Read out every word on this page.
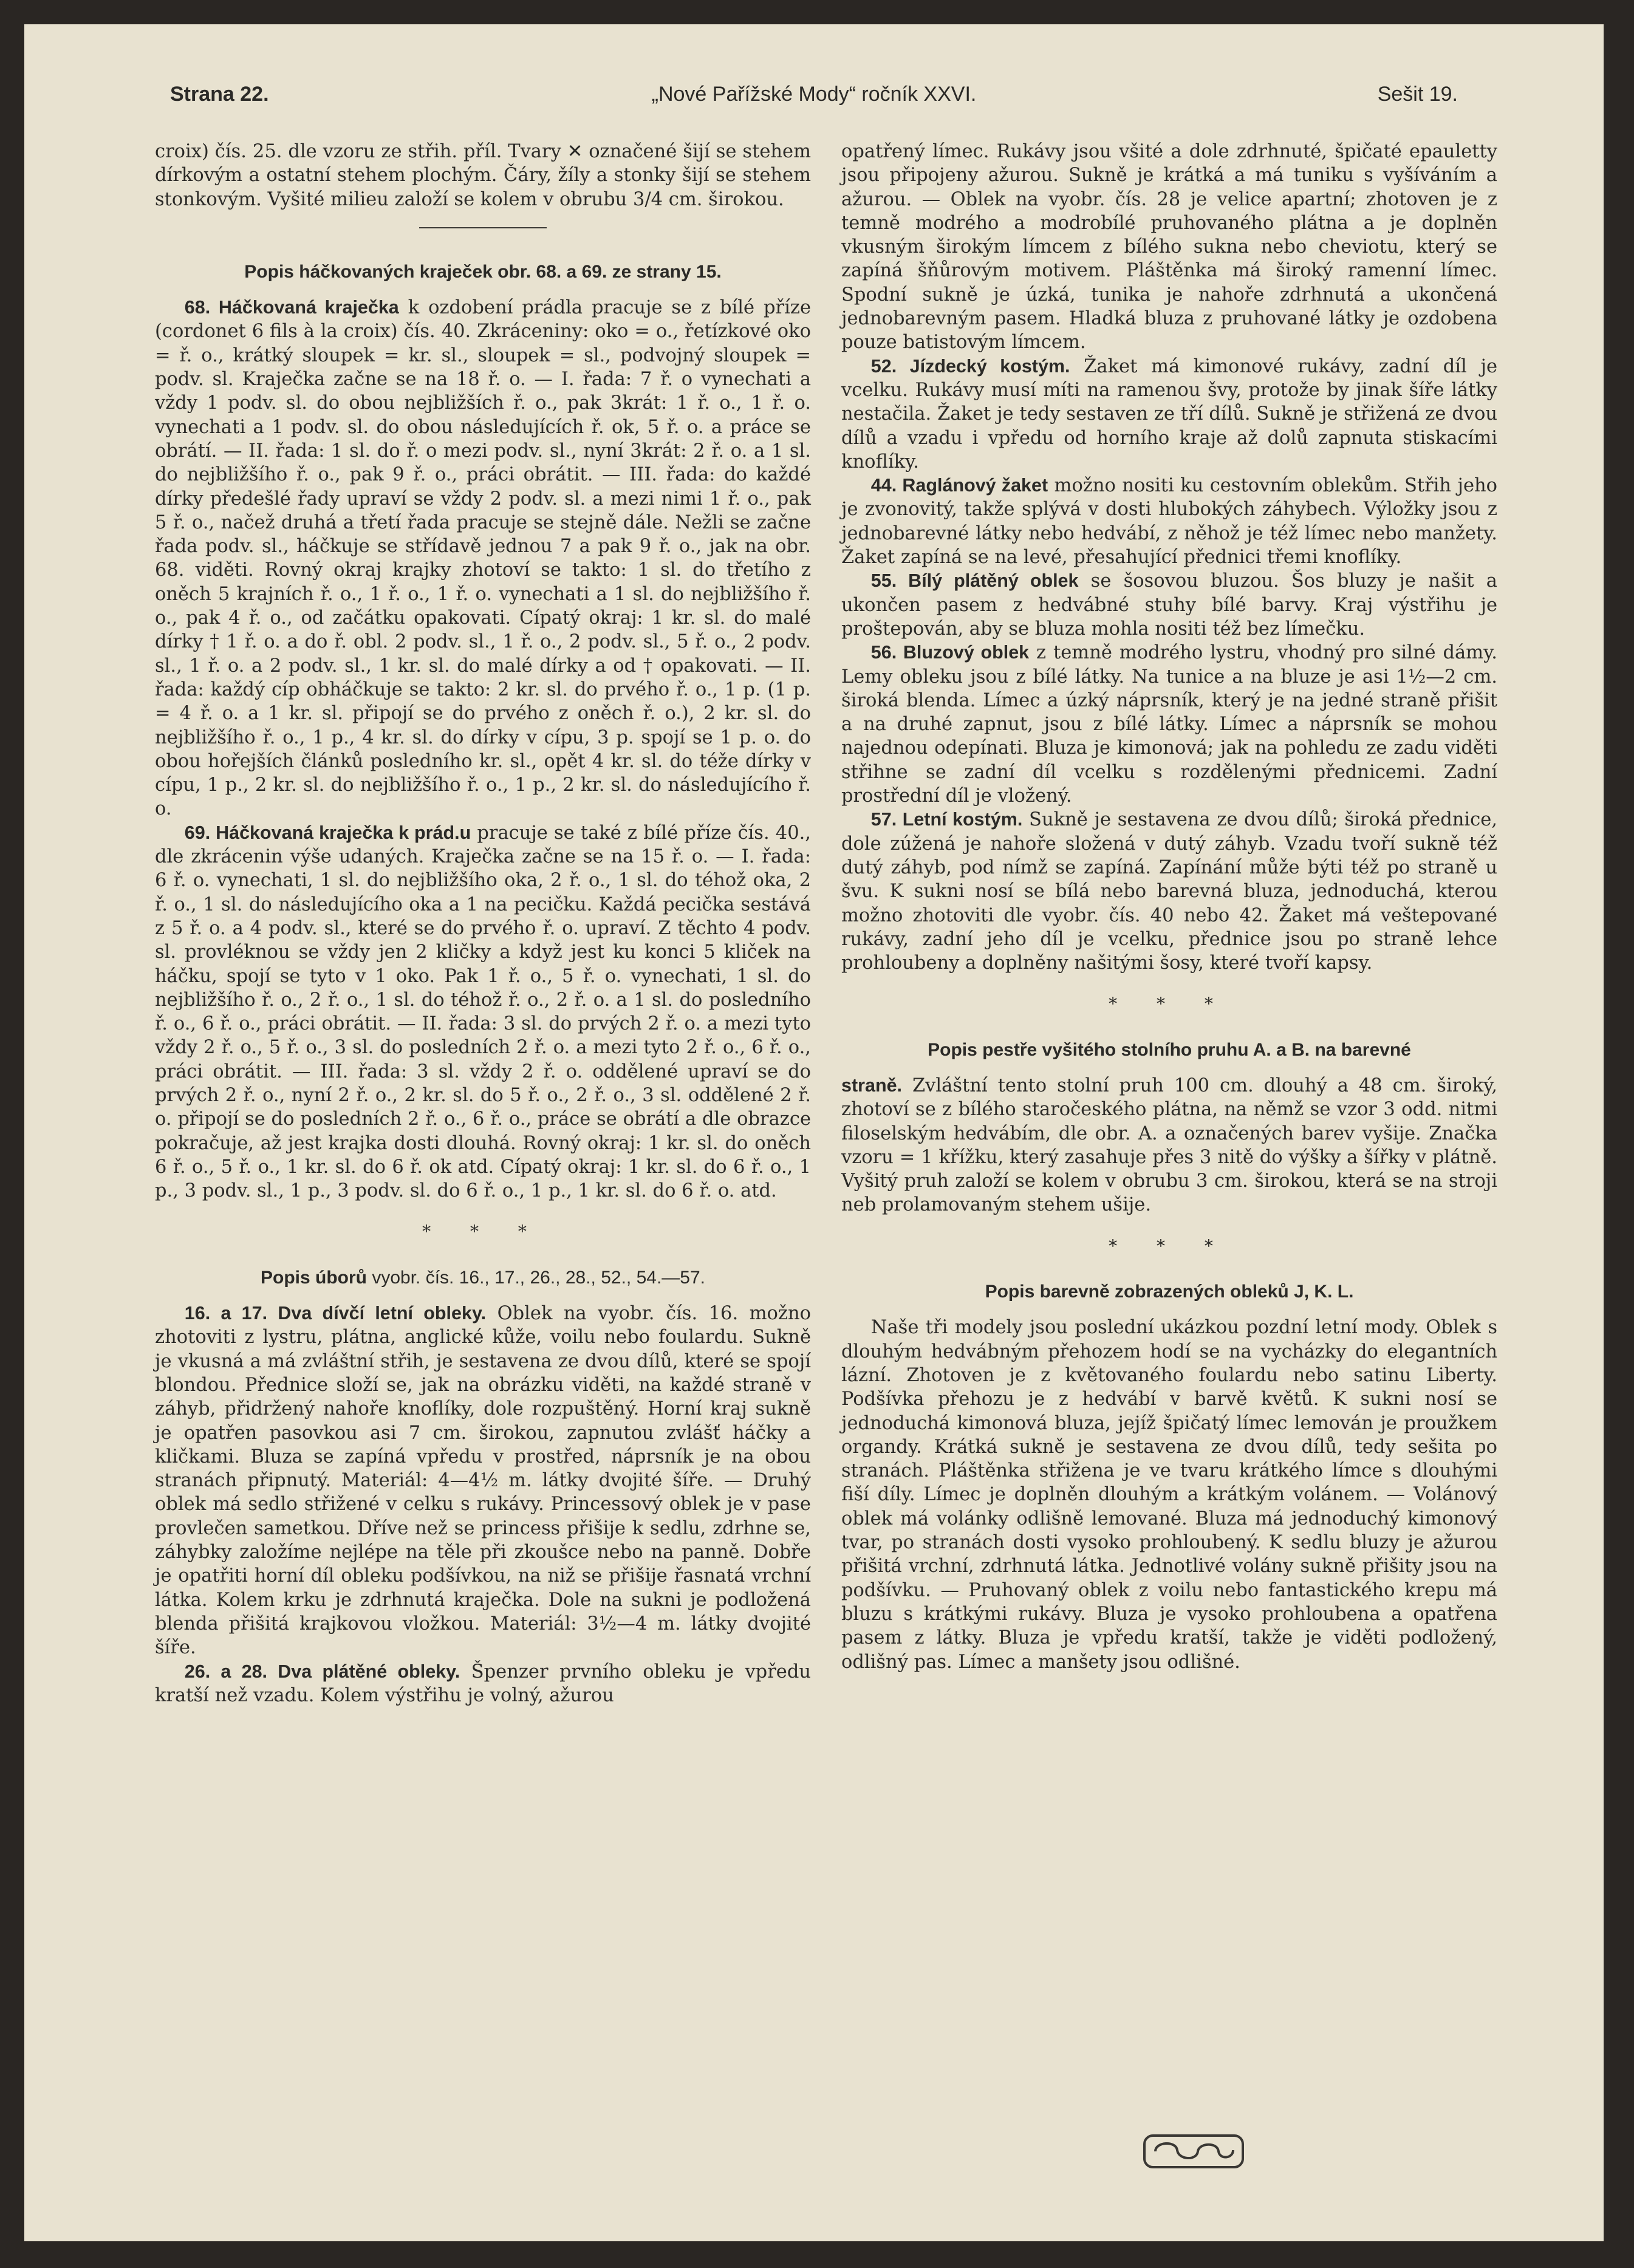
Strana 22.	„Nové Pařížské Mody“ ročník XXVI.	Sešit 19.

croix) čís. 25. dle vzoru ze střih. příl. Tvary ✕ označené šijí se stehem dírkovým a ostatní stehem plochým. Čáry, žíly a stonky šijí se stehem stonkovým. Vyšité milieu založí se kolem v obrubu 3/4 cm. širokou.

Popis háčkovaných kraječek obr. 68. a 69. ze strany 15.

68. Háčkovaná kraječka k ozdobení prádla pracuje se z bílé příze (cordonet 6 fils à la croix) čís. 40. Zkráceniny: oko = o., řetízkové oko = ř. o., krátký sloupek = kr. sl., sloupek = sl., podvojný sloupek = podv. sl. Kraječka začne se na 18 ř. o. — I. řada: 7 ř. o vynechati a vždy 1 podv. sl. do obou nejbližších ř. o., pak 3krát: 1 ř. o., 1 ř. o. vynechati a 1 podv. sl. do obou následujících ř. ok, 5 ř. o. a práce se obrátí. — II. řada: 1 sl. do ř. o mezi podv. sl., nyní 3krát: 2 ř. o. a 1 sl. do nejbližšího ř. o., pak 9 ř. o., práci obrátit. — III. řada: do každé dírky předešlé řady upraví se vždy 2 podv. sl. a mezi nimi 1 ř. o., pak 5 ř. o., načež druhá a třetí řada pracuje se stejně dále. Nežli se začne řada podv. sl., háčkuje se střídavě jednou 7 a pak 9 ř. o., jak na obr. 68. viděti. Rovný okraj krajky zhotoví se takto: 1 sl. do třetího z oněch 5 krajních ř. o., 1 ř. o., 1 ř. o. vynechati a 1 sl. do nejbližšího ř. o., pak 4 ř. o., od začátku opakovati. Cípatý okraj: 1 kr. sl. do malé dírky † 1 ř. o. a do ř. obl. 2 podv. sl., 1 ř. o., 2 podv. sl., 5 ř. o., 2 podv. sl., 1 ř. o. a 2 podv. sl., 1 kr. sl. do malé dírky a od † opakovati. — II. řada: každý cíp obháčkuje se takto: 2 kr. sl. do prvého ř. o., 1 p. (1 p. = 4 ř. o. a 1 kr. sl. připojí se do prvého z oněch ř. o.), 2 kr. sl. do nejbližšího ř. o., 1 p., 4 kr. sl. do dírky v cípu, 3 p. spojí se 1 p. o. do obou hořejších článků posledního kr. sl., opět 4 kr. sl. do téže dírky v cípu, 1 p., 2 kr. sl. do nejbližšího ř. o., 1 p., 2 kr. sl. do následujícího ř. o.

69. Háčkovaná kraječka k prád.u pracuje se také z bílé příze čís. 40., dle zkrácenin výše udaných. Kraječka začne se na 15 ř. o. — I. řada: 6 ř. o. vynechati, 1 sl. do nejbližšího oka, 2 ř. o., 1 sl. do téhož oka, 2 ř. o., 1 sl. do následujícího oka a 1 na pecičku. Každá pecička sestává z 5 ř. o. a 4 podv. sl., které se do prvého ř. o. upraví. Z těchto 4 podv. sl. provléknou se vždy jen 2 kličky a když jest ku konci 5 kliček na háčku, spojí se tyto v 1 oko. Pak 1 ř. o., 5 ř. o. vynechati, 1 sl. do nejbližšího ř. o., 2 ř. o., 1 sl. do téhož ř. o., 2 ř. o. a 1 sl. do posledního ř. o., 6 ř. o., práci obrátit. — II. řada: 3 sl. do prvých 2 ř. o. a mezi tyto vždy 2 ř. o., 5 ř. o., 3 sl. do posledních 2 ř. o. a mezi tyto 2 ř. o., 6 ř. o., práci obrátit. — III. řada: 3 sl. vždy 2 ř. o. oddělené upraví se do prvých 2 ř. o., nyní 2 ř. o., 2 kr. sl. do 5 ř. o., 2 ř. o., 3 sl. oddělené 2 ř. o. připojí se do posledních 2 ř. o., 6 ř. o., práce se obrátí a dle obrazce pokračuje, až jest krajka dosti dlouhá. Rovný okraj: 1 kr. sl. do oněch 6 ř. o., 5 ř. o., 1 kr. sl. do 6 ř. ok atd. Cípatý okraj: 1 kr. sl. do 6 ř. o., 1 p., 3 podv. sl., 1 p., 3 podv. sl. do 6 ř. o., 1 p., 1 kr. sl. do 6 ř. o. atd.

* * *
Popis úborů vyobr. čís. 16., 17., 26., 28., 52., 54.—57.

16. a 17. Dva dívčí letní obleky. Oblek na vyobr. čís. 16. možno zhotoviti z lystru, plátna, anglické kůže, voilu nebo foulardu. Sukně je vkusná a má zvláštní střih, je sestavena ze dvou dílů, které se spojí blondou. Přednice složí se, jak na obrázku viděti, na každé straně v záhyb, přidržený nahoře knoflíky, dole rozpuštěný. Horní kraj sukně je opatřen pasovkou asi 7 cm. širokou, zapnutou zvlášť háčky a kličkami. Bluza se zapíná vpředu v prostřed, náprsník je na obou stranách připnutý. Materiál: 4—4½ m. látky dvojité šíře. — Druhý oblek má sedlo střižené v celku s rukávy. Princessový oblek je v pase provlečen sametkou. Dříve než se princess přišije k sedlu, zdrhne se, záhybky založíme nejlépe na těle při zkoušce nebo na panně. Dobře je opatřiti horní díl obleku podšívkou, na niž se přišije řasnatá vrchní látka. Kolem krku je zdrhnutá kraječka. Dole na sukni je podložená blenda přišitá krajkovou vložkou. Materiál: 3½—4 m. látky dvojité šíře.

26. a 28. Dva plátěné obleky. Špenzer prvního obleku je vpředu kratší než vzadu. Kolem výstřihu je volný, ažurou

opatřený límec. Rukávy jsou všité a dole zdrhnuté, špičaté epauletty jsou připojeny ažurou. Sukně je krátká a má tuniku s vyšíváním a ažurou. — Oblek na vyobr. čís. 28 je velice apartní; zhotoven je z temně modrého a modrobílé pruhovaného plátna a je doplněn vkusným širokým límcem z bílého sukna nebo cheviotu, který se zapíná šňůrovým motivem. Pláštěnka má široký ramenní límec. Spodní sukně je úzká, tunika je nahoře zdrhnutá a ukončená jednobarevným pasem. Hladká bluza z pruhované látky je ozdobena pouze batistovým límcem.

52. Jízdecký kostým. Žaket má kimonové rukávy, zadní díl je vcelku. Rukávy musí míti na ramenou švy, protože by jinak šíře látky nestačila. Žaket je tedy sestaven ze tří dílů. Sukně je střižená ze dvou dílů a vzadu i vpředu od horního kraje až dolů zapnuta stiskacími knoflíky.

44. Raglánový žaket možno nositi ku cestovním oblekům. Střih jeho je zvonovitý, takže splývá v dosti hlubokých záhybech. Výložky jsou z jednobarevné látky nebo hedvábí, z něhož je též límec nebo manžety. Žaket zapíná se na levé, přesahující přednici třemi knoflíky.

55. Bílý plátěný oblek se šosovou bluzou. Šos bluzy je našit a ukončen pasem z hedvábné stuhy bílé barvy. Kraj výstřihu je proštepován, aby se bluza mohla nositi též bez límečku.

56. Bluzový oblek z temně modrého lystru, vhodný pro silné dámy. Lemy obleku jsou z bílé látky. Na tunice a na bluze je asi 1½—2 cm. široká blenda. Límec a úzký náprsník, který je na jedné straně přišit a na druhé zapnut, jsou z bílé látky. Límec a náprsník se mohou najednou odepínati. Bluza je kimonová; jak na pohledu ze zadu viděti střihne se zadní díl vcelku s rozdělenými přednicemi. Zadní prostřední díl je vložený.

57. Letní kostým. Sukně je sestavena ze dvou dílů; široká přednice, dole zúžená je nahoře složená v dutý záhyb. Vzadu tvoří sukně též dutý záhyb, pod nímž se zapíná. Zapínání může býti též po straně u švu. K sukni nosí se bílá nebo barevná bluza, jednoduchá, kterou možno zhotoviti dle vyobr. čís. 40 nebo 42. Žaket má veštepované rukávy, zadní jeho díl je vcelku, přednice jsou po straně lehce prohloubeny a doplněny našitými šosy, které tvoří kapsy.

* * *
Popis pestře vyšitého stolního pruhu A. a B. na barevné

straně. Zvláštní tento stolní pruh 100 cm. dlouhý a 48 cm. široký, zhotoví se z bílého staročeského plátna, na němž se vzor 3 odd. nitmi filoselským hedvábím, dle obr. A. a označených barev vyšije. Značka vzoru = 1 křížku, který zasahuje přes 3 nitě do výšky a šířky v plátně. Vyšitý pruh založí se kolem v obrubu 3 cm. širokou, která se na stroji neb prolamovaným stehem ušije.

* * *
Popis barevně zobrazených obleků J, K. L.

Naše tři modely jsou poslední ukázkou pozdní letní mody. Oblek s dlouhým hedvábným přehozem hodí se na vycházky do elegantních lázní. Zhotoven je z květovaného foulardu nebo satinu Liberty. Podšívka přehozu je z hedvábí v barvě květů. K sukni nosí se jednoduchá kimonová bluza, jejíž špičatý límec lemován je proužkem organdy. Krátká sukně je sestavena ze dvou dílů, tedy sešita po stranách. Pláštěnka střižena je ve tvaru krátkého límce s dlouhými fiší díly. Límec je doplněn dlouhým a krátkým volánem. — Volánový oblek má volánky odlišně lemované. Bluza má jednoduchý kimonový tvar, po stranách dosti vysoko prohloubený. K sedlu bluzy je ažurou přišitá vrchní, zdrhnutá látka. Jednotlivé volány sukně přišity jsou na podšívku. — Pruhovaný oblek z voilu nebo fantastického krepu má bluzu s krátkými rukávy. Bluza je vysoko prohloubena a opatřena pasem z látky. Bluza je vpředu kratší, takže je viděti podložený, odlišný pas. Límec a manšety jsou odlišné.
